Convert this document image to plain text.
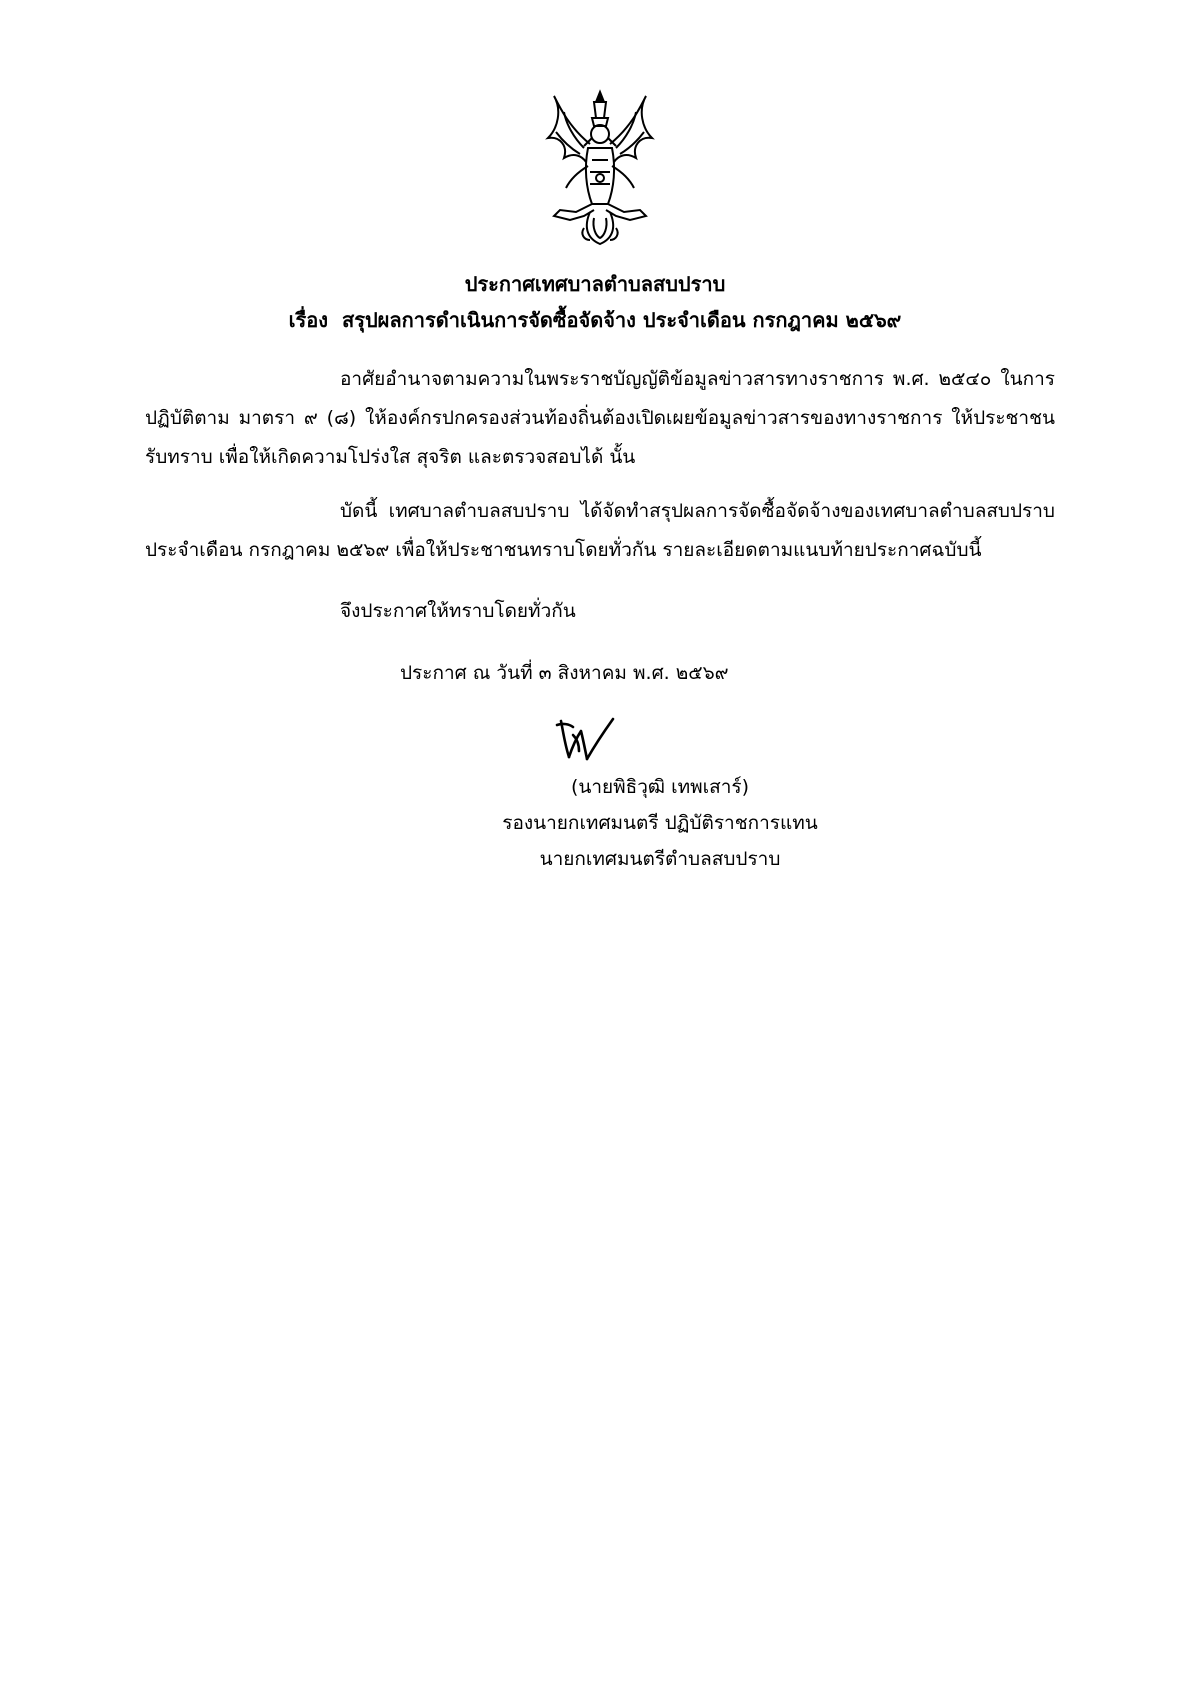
ประกาศเทศบาลตำบลสบปราบ
เรื่อง สรุปผลการดำเนินการจัดซื้อจัดจ้าง ประจำเดือน กรกฎาคม ๒๕๖๙
อาศัยอำนาจตามความในพระราชบัญญัติข้อมูลข่าวสารทางราชการ พ.ศ. ๒๕๔๐ ในการ
ปฏิบัติตาม มาตรา ๙ (๘) ให้องค์กรปกครองส่วนท้องถิ่นต้องเปิดเผยข้อมูลข่าวสารของทางราชการ ให้ประชาชน
รับทราบ เพื่อให้เกิดความโปร่งใส สุจริต และตรวจสอบได้ นั้น
บัดนี้ เทศบาลตำบลสบปราบ ได้จัดทำสรุปผลการจัดซื้อจัดจ้างของเทศบาลตำบลสบปราบ
ประจำเดือน กรกฎาคม ๒๕๖๙ เพื่อให้ประชาชนทราบโดยทั่วกัน รายละเอียดตามแนบท้ายประกาศฉบับนี้
จึงประกาศให้ทราบโดยทั่วกัน
ประกาศ ณ วันที่ ๓ สิงหาคม พ.ศ. ๒๕๖๙
(นายพิธิวุฒิ เทพเสาร์)
รองนายกเทศมนตรี ปฏิบัติราชการแทน
นายกเทศมนตรีตำบลสบปราบ
